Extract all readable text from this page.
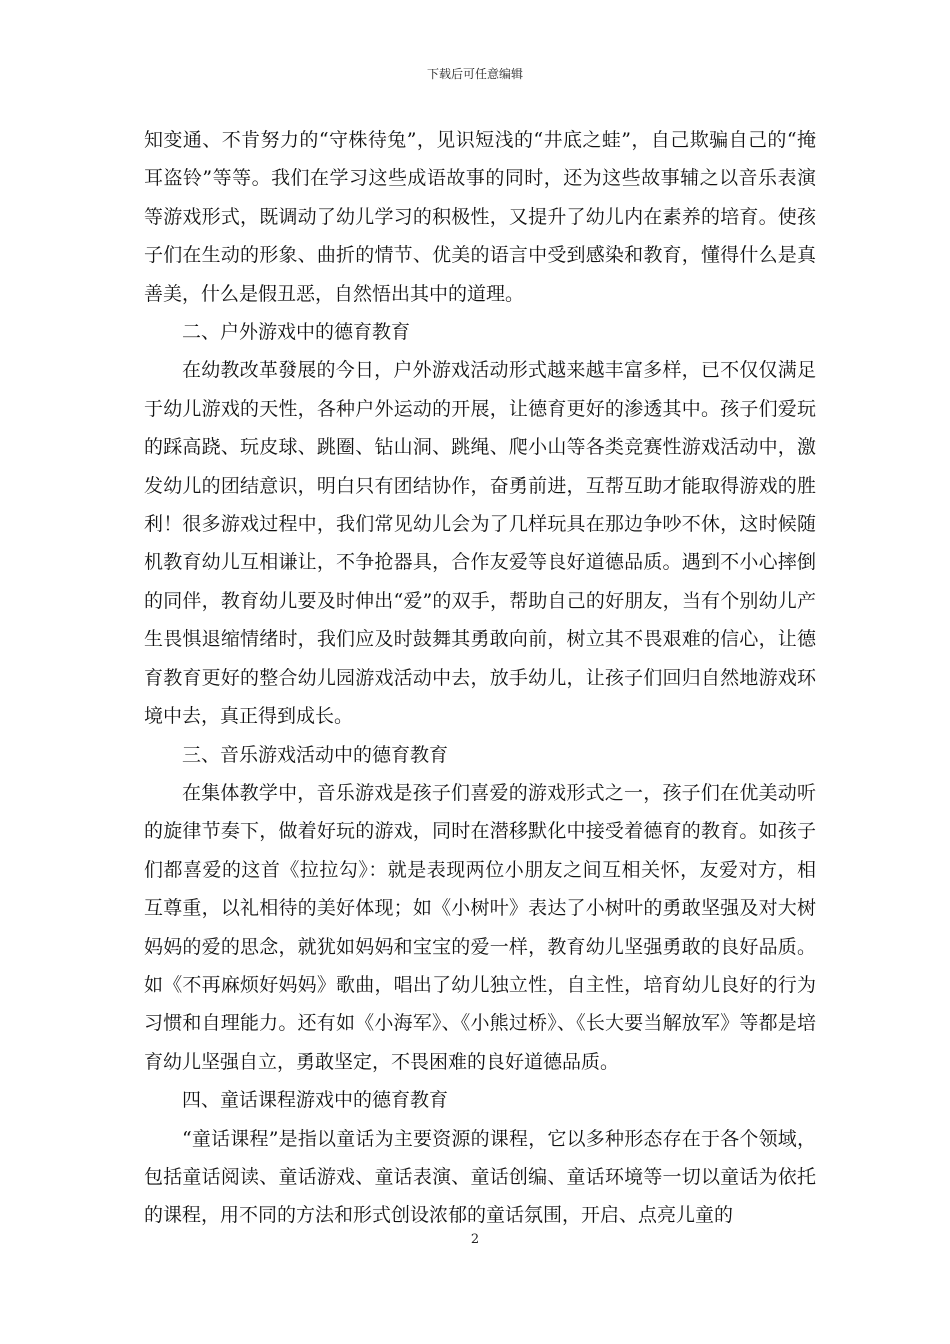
下载后可任意编辑

知变通、不肯努力的“守株待兔”，见识短浅的“井底之蛙”，自己欺骗自己的“掩耳盗铃”等等。我们在学习这些成语故事的同时，还为这些故事辅之以音乐表演等游戏形式，既调动了幼儿学习的积极性，又提升了幼儿内在素养的培育。使孩子们在生动的形象、曲折的情节、优美的语言中受到感染和教育，懂得什么是真善美，什么是假丑恶，自然悟出其中的道理。

二、户外游戏中的德育教育

在幼教改革發展的今日，户外游戏活动形式越来越丰富多样，已不仅仅满足于幼儿游戏的天性，各种户外运动的开展，让德育更好的渗透其中。孩子们爱玩的踩高跷、玩皮球、跳圈、钻山洞、跳绳、爬小山等各类竞赛性游戏活动中，激发幼儿的团结意识，明白只有团结协作，奋勇前进，互帮互助才能取得游戏的胜利！很多游戏过程中，我们常见幼儿会为了几样玩具在那边争吵不休，这时候随机教育幼儿互相谦让，不争抢器具，合作友爱等良好道德品质。遇到不小心摔倒的同伴，教育幼儿要及时伸出“爱”的双手，帮助自己的好朋友，当有个别幼儿产生畏惧退缩情绪时，我们应及时鼓舞其勇敢向前，树立其不畏艰难的信心，让德育教育更好的整合幼儿园游戏活动中去，放手幼儿，让孩子们回归自然地游戏环境中去，真正得到成长。

三、音乐游戏活动中的德育教育

在集体教学中，音乐游戏是孩子们喜爱的游戏形式之一，孩子们在优美动听的旋律节奏下，做着好玩的游戏，同时在潜移默化中接受着德育的教育。如孩子们都喜爱的这首《拉拉勾》：就是表现两位小朋友之间互相关怀，友爱对方，相互尊重，以礼相待的美好体现；如《小树叶》表达了小树叶的勇敢坚强及对大树妈妈的爱的思念，就犹如妈妈和宝宝的爱一样，教育幼儿坚强勇敢的良好品质。如《不再麻烦好妈妈》歌曲，唱出了幼儿独立性，自主性，培育幼儿良好的行为习惯和自理能力。还有如《小海军》、《小熊过桥》、《长大要当解放军》等都是培育幼儿坚强自立，勇敢坚定，不畏困难的良好道德品质。

四、童话课程游戏中的德育教育

“童话课程”是指以童话为主要资源的课程，它以多种形态存在于各个领域，包括童话阅读、童话游戏、童话表演、童话创编、童话环境等一切以童话为依托的课程，用不同的方法和形式创设浓郁的童话氛围，开启、点亮儿童的

2
